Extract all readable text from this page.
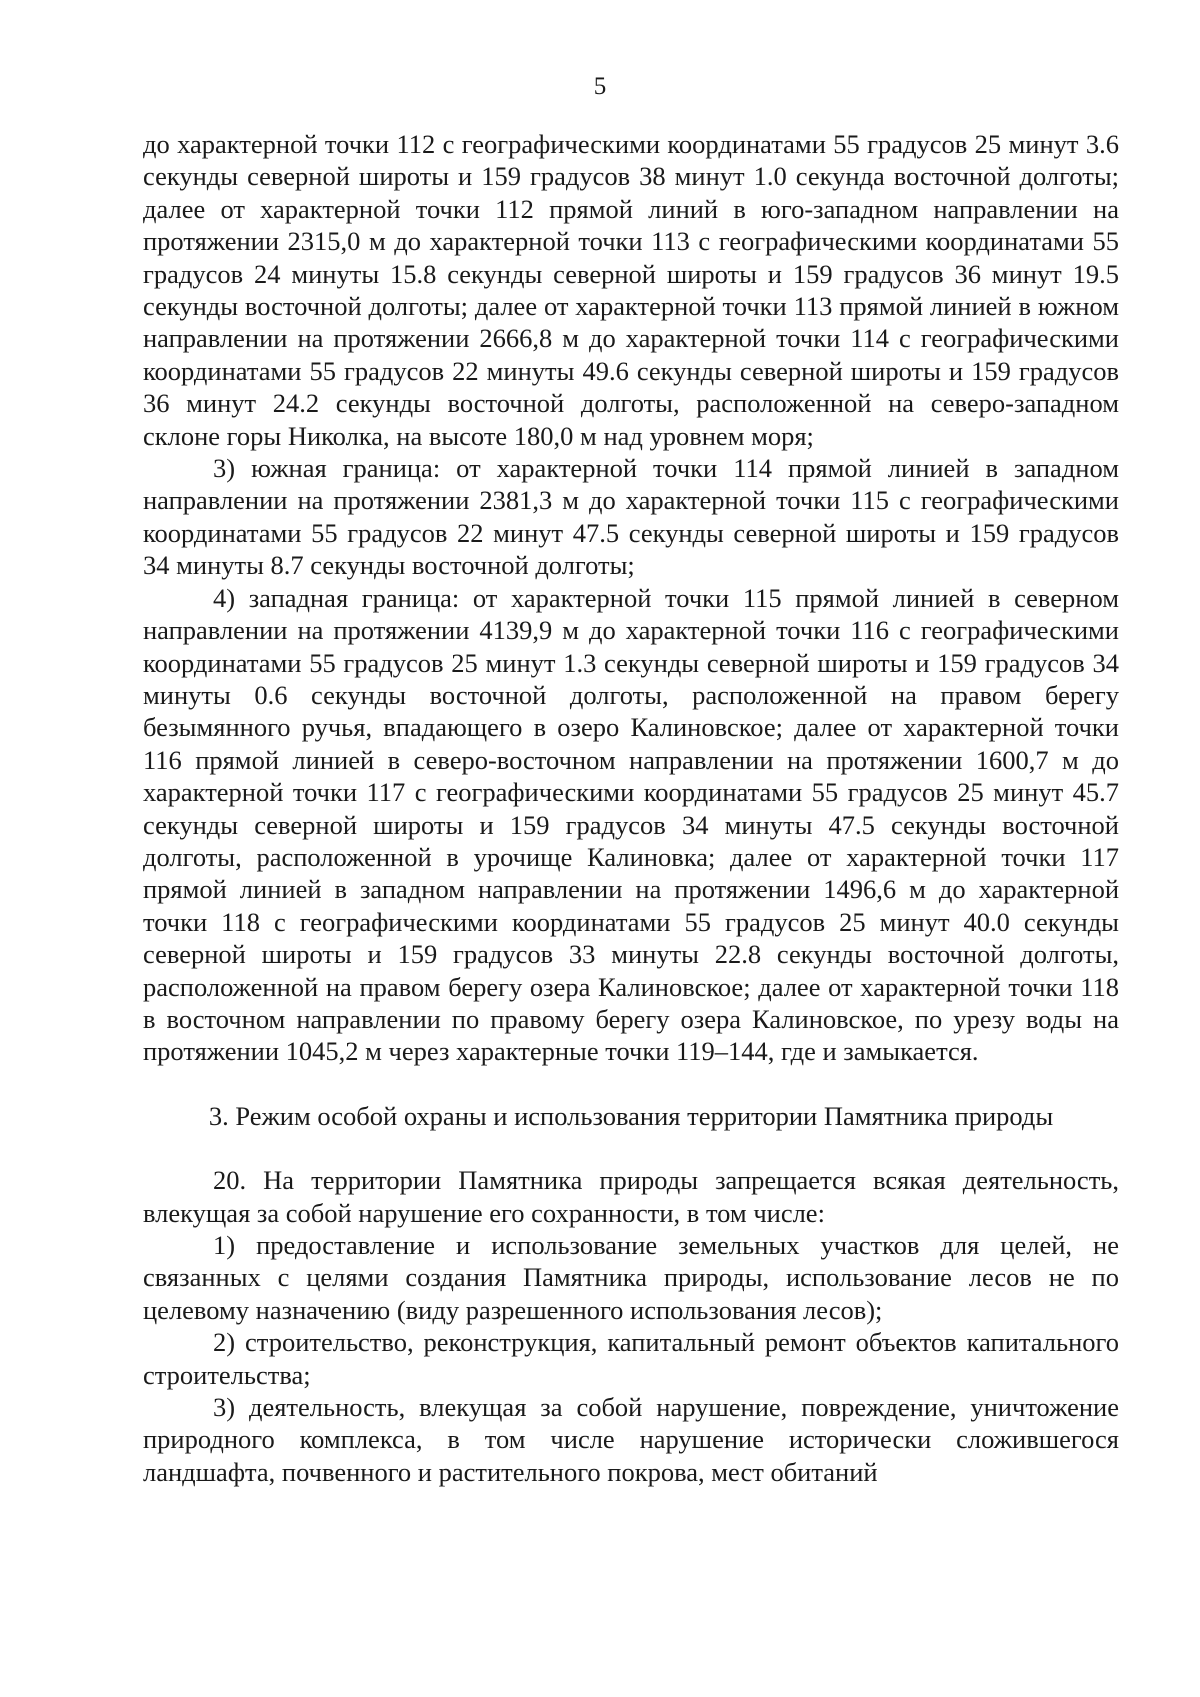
5

до характерной точки 112 с географическими координатами 55 градусов 25 минут 3.6 секунды северной широты и 159 градусов 38 минут 1.0 секунда восточной долготы; далее от характерной точки 112 прямой линий в юго-западном направлении на протяжении 2315,0 м до характерной точки 113 с географическими координатами 55 градусов 24 минуты 15.8 секунды северной широты и 159 градусов 36 минут 19.5 секунды восточной долготы; далее от характерной точки 113 прямой линией в южном направлении на протяжении 2666,8 м до характерной точки 114 с географическими координатами 55 градусов 22 минуты 49.6 секунды северной широты и 159 градусов 36 минут 24.2 секунды восточной долготы, расположенной на северо-западном склоне горы Николка, на высоте 180,0 м над уровнем моря;

3) южная граница: от характерной точки 114 прямой линией в западном направлении на протяжении 2381,3 м до характерной точки 115 с географическими координатами 55 градусов 22 минут 47.5 секунды северной широты и 159 градусов 34 минуты 8.7 секунды восточной долготы;

4) западная граница: от характерной точки 115 прямой линией в северном направлении на протяжении 4139,9 м до характерной точки 116 с географическими координатами 55 градусов 25 минут 1.3 секунды северной широты и 159 градусов 34 минуты 0.6 секунды восточной долготы, расположенной на правом берегу безымянного ручья, впадающего в озеро Калиновское; далее от характерной точки 116 прямой линией в северо-восточном направлении на протяжении 1600,7 м до характерной точки 117 с географическими координатами 55 градусов 25 минут 45.7 секунды северной широты и 159 градусов 34 минуты 47.5 секунды восточной долготы, расположенной в урочище Калиновка; далее от характерной точки 117 прямой линией в западном направлении на протяжении 1496,6 м до характерной точки 118 с географическими координатами 55 градусов 25 минут 40.0 секунды северной широты и 159 градусов 33 минуты 22.8 секунды восточной долготы, расположенной на правом берегу озера Калиновское; далее от характерной точки 118 в восточном направлении по правому берегу озера Калиновское, по урезу воды на протяжении 1045,2 м через характерные точки 119–144, где и замыкается.

3. Режим особой охраны и использования территории Памятника природы

20. На территории Памятника природы запрещается всякая деятельность, влекущая за собой нарушение его сохранности, в том числе:

1) предоставление и использование земельных участков для целей, не связанных с целями создания Памятника природы, использование лесов не по целевому назначению (виду разрешенного использования лесов);

2) строительство, реконструкция, капитальный ремонт объектов капитального строительства;

3) деятельность, влекущая за собой нарушение, повреждение, уничтожение природного комплекса, в том числе нарушение исторически сложившегося ландшафта, почвенного и растительного покрова, мест обитаний
